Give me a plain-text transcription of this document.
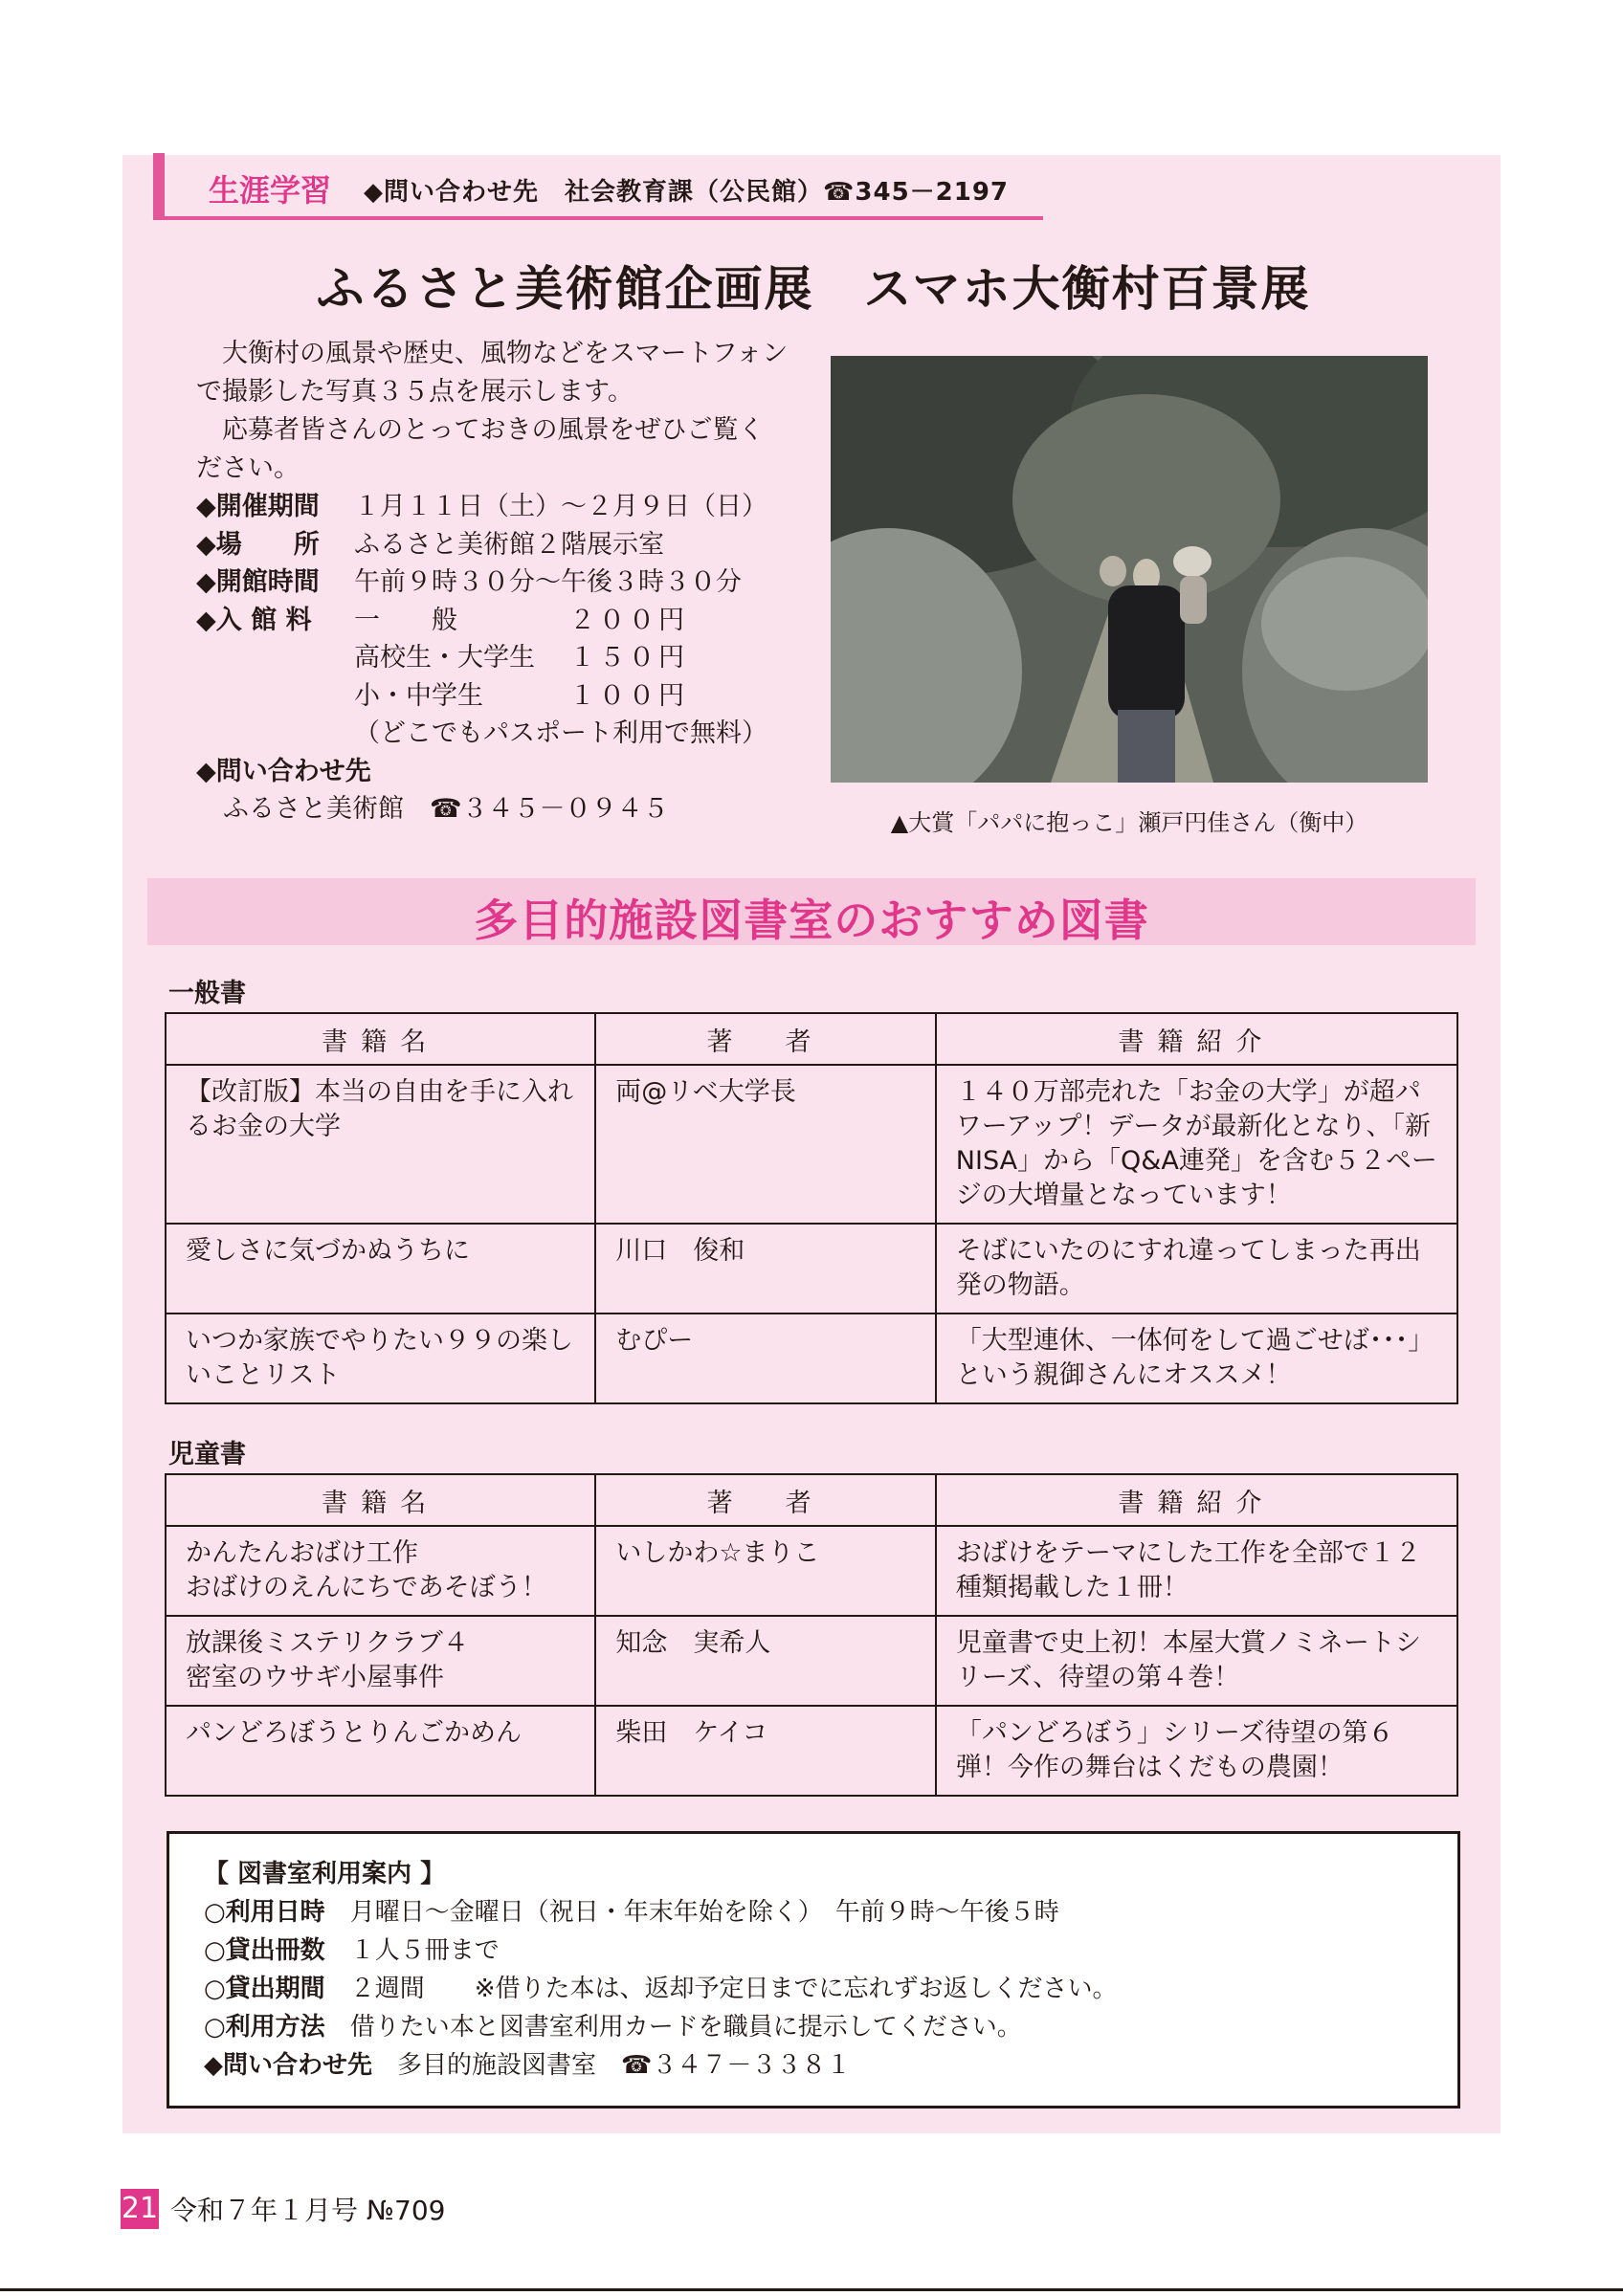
生涯学習 ◆問い合わせ先　社会教育課（公民館）☎345－2197
ふるさと美術館企画展　スマホ大衡村百景展

大衡村の風景や歴史、風物などをスマートフォンで撮影した写真３５点を展示します。

応募者皆さんのとっておきの風景をぜひご覧ください。

◆開催期間	１月１１日（土）～２月９日（日）
◆場　　所	ふるさと美術館２階展示室
◆開館時間	午前９時３０分～午後３時３０分
◆入 館 料	一　　般	２００円
高校生・大学生	１５０円
小・中学生	１００円
（どこでもパスポート利用で無料）
◆問い合わせ先
ふるさと美術館　☎３４５－０９４５	▲大賞「パパに抱っこ」瀬戸円佳さん（衡中）
多目的施設図書室のおすすめ図書
一般書
書籍名	著　者	書籍紹介
【改訂版】本当の自由を手に入れるお金の大学	両@リベ大学長	１４０万部売れた「お金の大学」が超パワーアップ！データが最新化となり、「新NISA」から「Q&A連発」を含む５２ページの大増量となっています！
愛しさに気づかぬうちに	川口　俊和	そばにいたのにすれ違ってしまった再出発の物語。
いつか家族でやりたい９９の楽しいことリスト	むぴー	「大型連休、一体何をして過ごせば･･･」という親御さんにオススメ！
児童書
書籍名	著　者	書籍紹介
かんたんおばけ工作
おばけのえんにちであそぼう！	いしかわ☆まりこ	おばけをテーマにした工作を全部で１２種類掲載した１冊！
放課後ミステリクラブ４
密室のウサギ小屋事件	知念　実希人	児童書で史上初！本屋大賞ノミネートシリーズ、待望の第４巻！
パンどろぼうとりんごかめん	柴田　ケイコ	「パンどろぼう」シリーズ待望の第６弾！今作の舞台はくだもの農園！
【 図書室利用案内 】
○利用日時　 月曜日～金曜日（祝日・年末年始を除く）　午前９時～午後５時
○貸出冊数　 １人５冊まで
○貸出期間　 ２週間　　※借りた本は、返却予定日までに忘れずお返しください。
○利用方法　 借りたい本と図書室利用カードを職員に提示してください。
◆問い合わせ先　 多目的施設図書室　☎３４７－３３８１
21 令和７年１月号 №709
